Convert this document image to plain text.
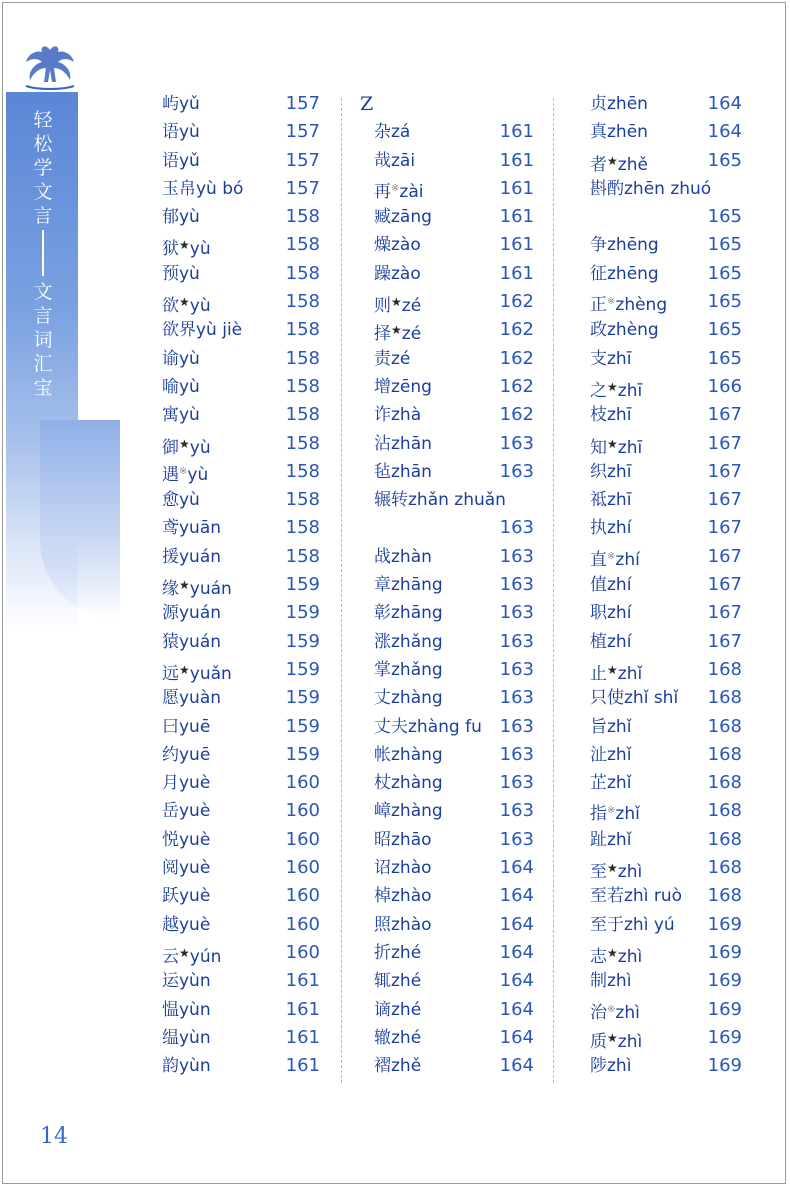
轻
松
学
文
言
文
言
词
汇
宝
屿yǔ	157
语yù	157
语yǔ	157
玉帛yù bó 157
郁yù	158
狱★yù	158
预yù	158
欲★yù	158
欲界yù jiè 158
谕yù	158
喻yù	158
寓yù	158
御★yù	158
遇※yù	158
愈yù	158
鸢yuān	158
援yuán	158
缘★yuán	159
源yuán	159
猿yuán	159
远★yuǎn	159
愿yuàn	159
曰yuē	159
约yuē	159
月yuè	160
岳yuè	160
悦yuè	160
阅yuè	160
跃yuè	160
越yuè	160
云★yún	160
运yùn	161
愠yùn	161
缊yùn	161
韵yùn	161
Z
杂zá	161
哉zāi	161
再※zài	161
臧zāng	161
燥zào	161
躁zào	161
则★zé	162
择★zé	162
责zé	162
增zēng	162
诈zhà	162
沾zhān	163
毡zhān	163
辗转zhǎn zhuǎn
163
战zhàn	163
章zhāng	163
彰zhāng	163
涨zhǎng	163
掌zhǎng	163
丈zhàng	163
丈夫zhàng fu 163
帐zhàng	163
杖zhàng	163
嶂zhàng	163
昭zhāo	163
诏zhào	164
棹zhào	164
照zhào	164
折zhé	164
辄zhé	164
谪zhé	164
辙zhé	164
褶zhě	164
贞zhēn	164
真zhēn	164
者★zhě	165
斟酌zhēn zhuó
165
争zhēng	165
征zhēng	165
正※zhèng 165
政zhèng	165
支zhī	165
之★zhī	166
枝zhī	167
知★zhī	167
织zhī	167
祗zhī	167
执zhí	167
直※zhí	167
值zhí	167
职zhí	167
植zhí	167
止★zhǐ	168
只使zhǐ shǐ 168
旨zhǐ	168
沚zhǐ	168
芷zhǐ	168
指※zhǐ	168
趾zhǐ	168
至★zhì	168
至若zhì ruò 168
至于zhì yú 169
志★zhì	169
制zhì	169
治※zhì	169
质★zhì	169
陟zhì	169
14
